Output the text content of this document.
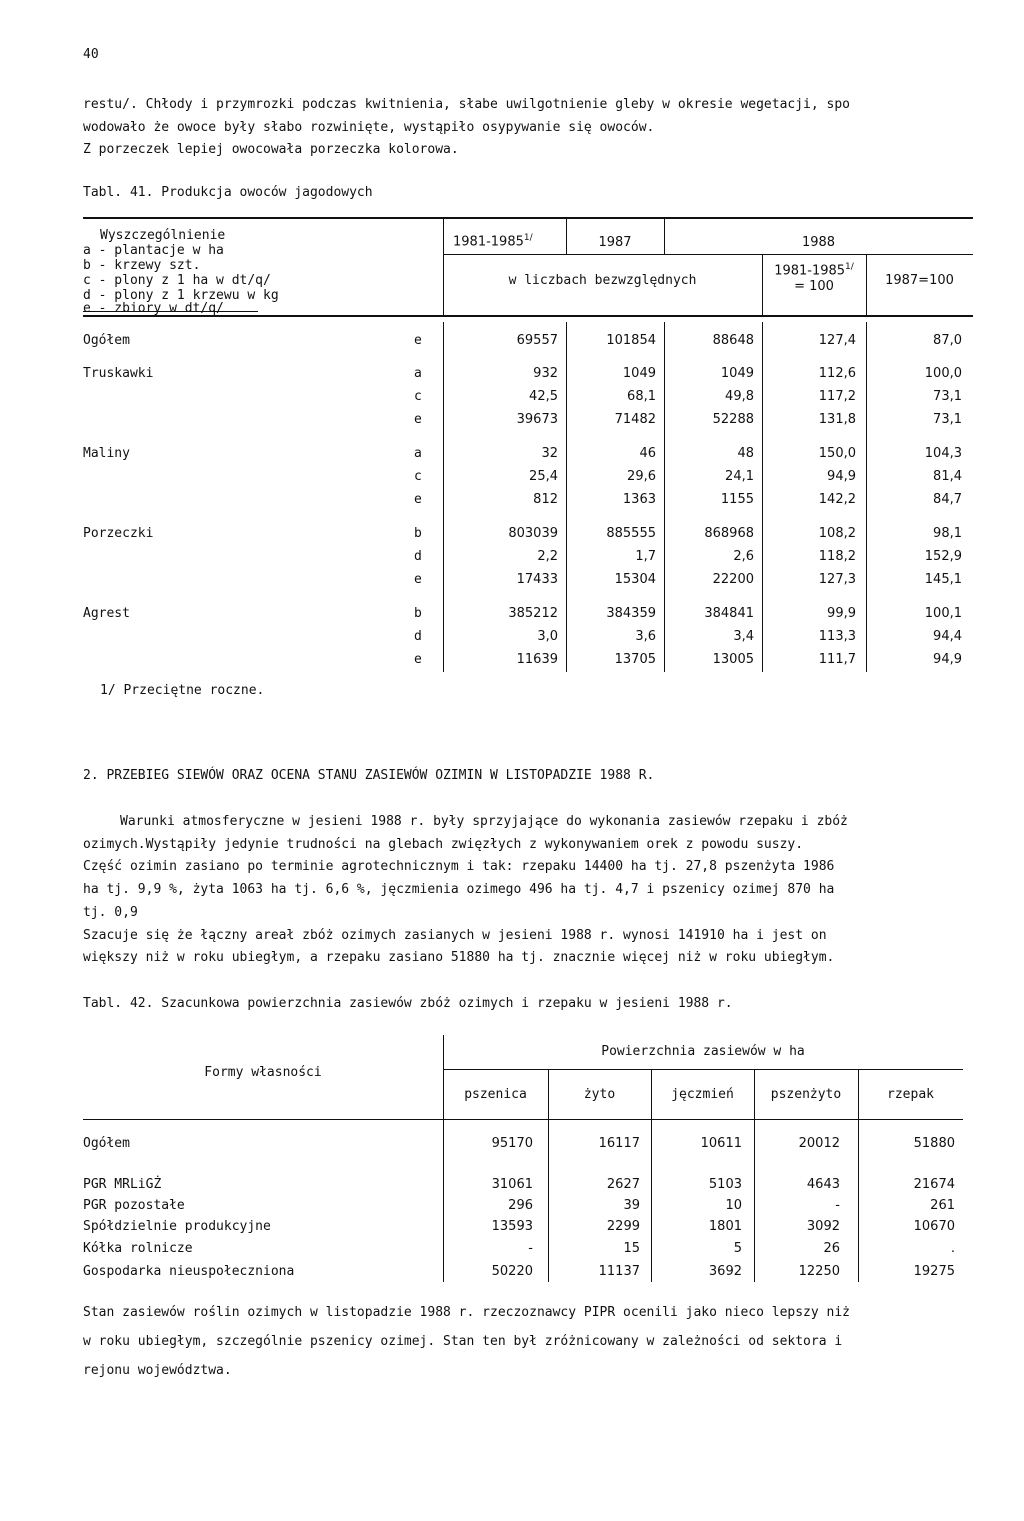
40
restu/. Chłody i przymrozki podczas kwitnienia, słabe uwilgotnienie gleby w okresie wegetacji, spo
wodowało że owoce były słabo rozwinięte, wystąpiło osypywanie się owoców.
Z porzeczek lepiej owocowała porzeczka kolorowa.
Tabl. 41. Produkcja owoców jagodowych
Wyszczególnienie
a - plantacje w ha
b - krzewy szt.
c - plony z 1 ha w dt/q/
d - plony z 1 krzewu w kg
e - zbiory w dt/q/
$1981-1985^{1/}$	1987	1988
w liczbach bezwzględnych
$1981-1985^{1/}$
= 100	1987=100
Ogółem	e	69557	101854	88648	127,4	87,0
Truskawki	a	932	1049	1049	112,6	100,0
c	42,5	68,1	49,8	117,2	73,1
e	39673	71482	52288	131,8	73,1
Maliny	a	32	46	48	150,0	104,3
c	25,4	29,6	24,1	94,9	81,4
e	812	1363	1155	142,2	84,7
Porzeczki	b	803039	885555	868968	108,2	98,1
d	2,2	1,7	2,6	118,2	152,9
e	17433	15304	22200	127,3	145,1
Agrest	b	385212	384359	384841	99,9	100,1
d	3,0	3,6	3,4	113,3	94,4
e	11639	13705	13005	111,7	94,9
1/ Przeciętne roczne.
2. PRZEBIEG SIEWÓW ORAZ OCENA STANU ZASIEWÓW OZIMIN W LISTOPADZIE 1988 R.
Warunki atmosferyczne w jesieni 1988 r. były sprzyjające do wykonania zasiewów rzepaku i zbóż
ozimych.Wystąpiły jedynie trudności na glebach zwięzłych z wykonywaniem orek z powodu suszy.
Część ozimin zasiano po terminie agrotechnicznym i tak: rzepaku 14400 ha tj. 27,8 pszenżyta 1986
ha tj. 9,9 %, żyta 1063 ha tj. 6,6 %, jęczmienia ozimego 496 ha tj. 4,7 i pszenicy ozimej 870 ha
tj. 0,9
Szacuje się że łączny areał zbóż ozimych zasianych w jesieni 1988 r. wynosi 141910 ha i jest on
większy niż w roku ubiegłym, a rzepaku zasiano 51880 ha tj. znacznie więcej niż w roku ubiegłym.
Tabl. 42. Szacunkowa powierzchnia zasiewów zbóż ozimych i rzepaku w jesieni 1988 r.
Formy własności
Powierzchnia zasiewów w ha
pszenica	żyto	jęczmień	pszenżyto	rzepak
Ogółem	95170	16117	10611	20012	51880
PGR MRLiGŻ	31061	2627	5103	4643	21674
PGR pozostałe	296	39	10	-	261
Spółdzielnie produkcyjne	13593	2299	1801	3092	10670
Kółka rolnicze	-	15	5	26	.
Gospodarka nieuspołeczniona	50220	11137	3692	12250	19275
Stan zasiewów roślin ozimych w listopadzie 1988 r. rzeczoznawcy PIPR ocenili jako nieco lepszy niż
w roku ubiegłym, szczególnie pszenicy ozimej. Stan ten był zróżnicowany w zależności od sektora i
rejonu województwa.
